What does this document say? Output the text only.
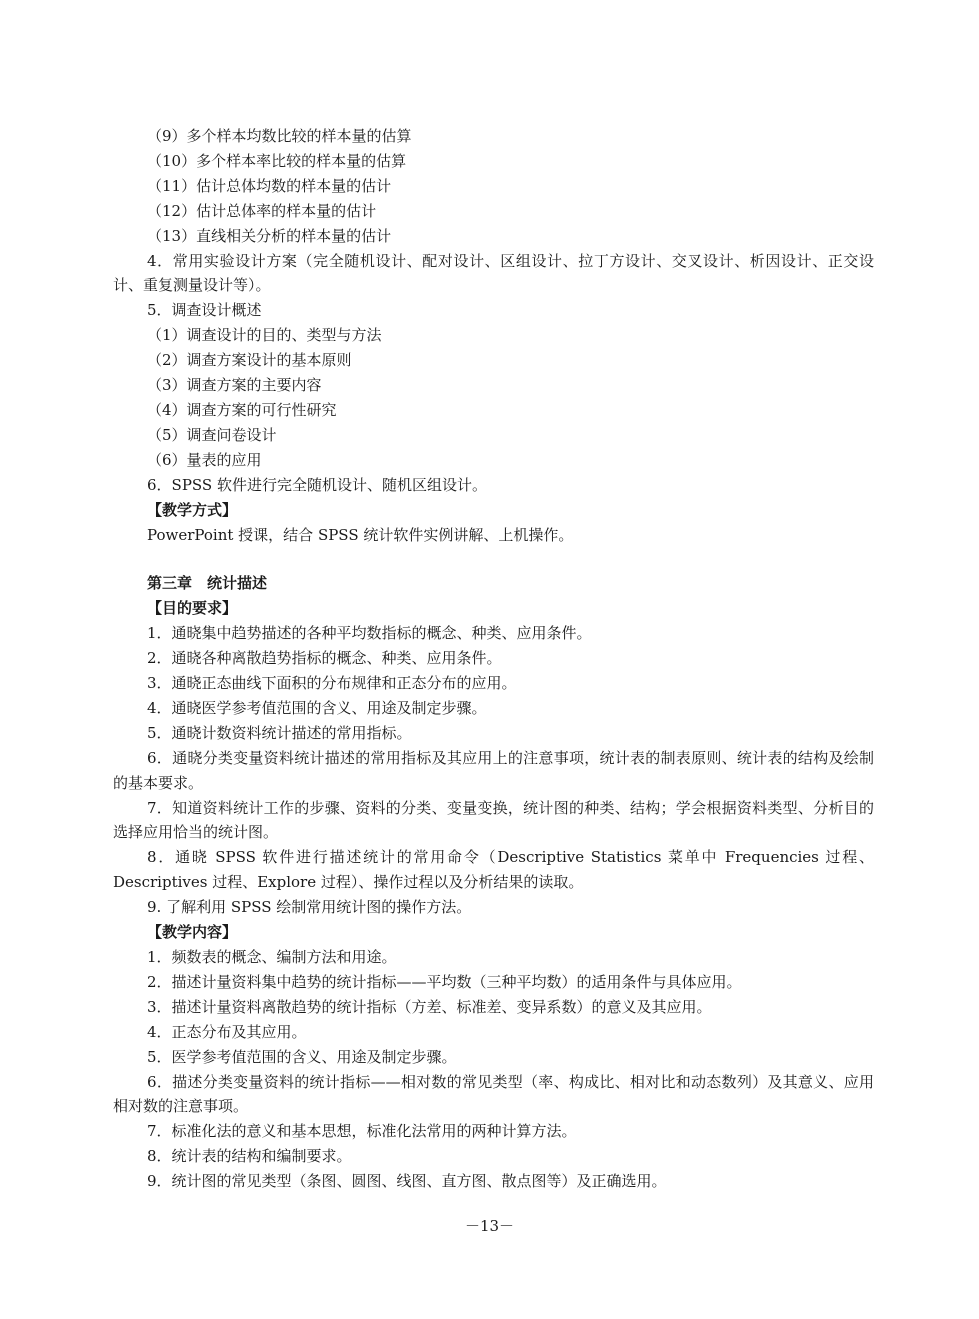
（9）多个样本均数比较的样本量的估算
（10）多个样本率比较的样本量的估算
（11）估计总体均数的样本量的估计
（12）估计总体率的样本量的估计
（13）直线相关分析的样本量的估计
4．常用实验设计方案（完全随机设计、配对设计、区组设计、拉丁方设计、交叉设计、析因设计、正交设计、重复测量设计等）。
5．调查设计概述
（1）调查设计的目的、类型与方法
（2）调查方案设计的基本原则
（3）调查方案的主要内容
（4）调查方案的可行性研究
（5）调查问卷设计
（6）量表的应用
6．SPSS 软件进行完全随机设计、随机区组设计。
【教学方式】
PowerPoint 授课，结合 SPSS 统计软件实例讲解、上机操作。
第三章　统计描述
【目的要求】
1．通晓集中趋势描述的各种平均数指标的概念、种类、应用条件。
2．通晓各种离散趋势指标的概念、种类、应用条件。
3．通晓正态曲线下面积的分布规律和正态分布的应用。
4．通晓医学参考值范围的含义、用途及制定步骤。
5．通晓计数资料统计描述的常用指标。
6．通晓分类变量资料统计描述的常用指标及其应用上的注意事项，统计表的制表原则、统计表的结构及绘制的基本要求。
7．知道资料统计工作的步骤、资料的分类、变量变换，统计图的种类、结构；学会根据资料类型、分析目的选择应用恰当的统计图。
8．通晓 SPSS 软件进行描述统计的常用命令（Descriptive Statistics 菜单中 Frequencies 过程、Descriptives 过程、Explore 过程）、操作过程以及分析结果的读取。
9. 了解利用 SPSS 绘制常用统计图的操作方法。
【教学内容】
1．频数表的概念、编制方法和用途。
2．描述计量资料集中趋势的统计指标——平均数（三种平均数）的适用条件与具体应用。
3．描述计量资料离散趋势的统计指标（方差、标准差、变异系数）的意义及其应用。
4．正态分布及其应用。
5．医学参考值范围的含义、用途及制定步骤。
6．描述分类变量资料的统计指标——相对数的常见类型（率、构成比、相对比和动态数列）及其意义、应用相对数的注意事项。
7．标准化法的意义和基本思想，标准化法常用的两种计算方法。
8．统计表的结构和编制要求。
9．统计图的常见类型（条图、圆图、线图、直方图、散点图等）及正确选用。
－13－
